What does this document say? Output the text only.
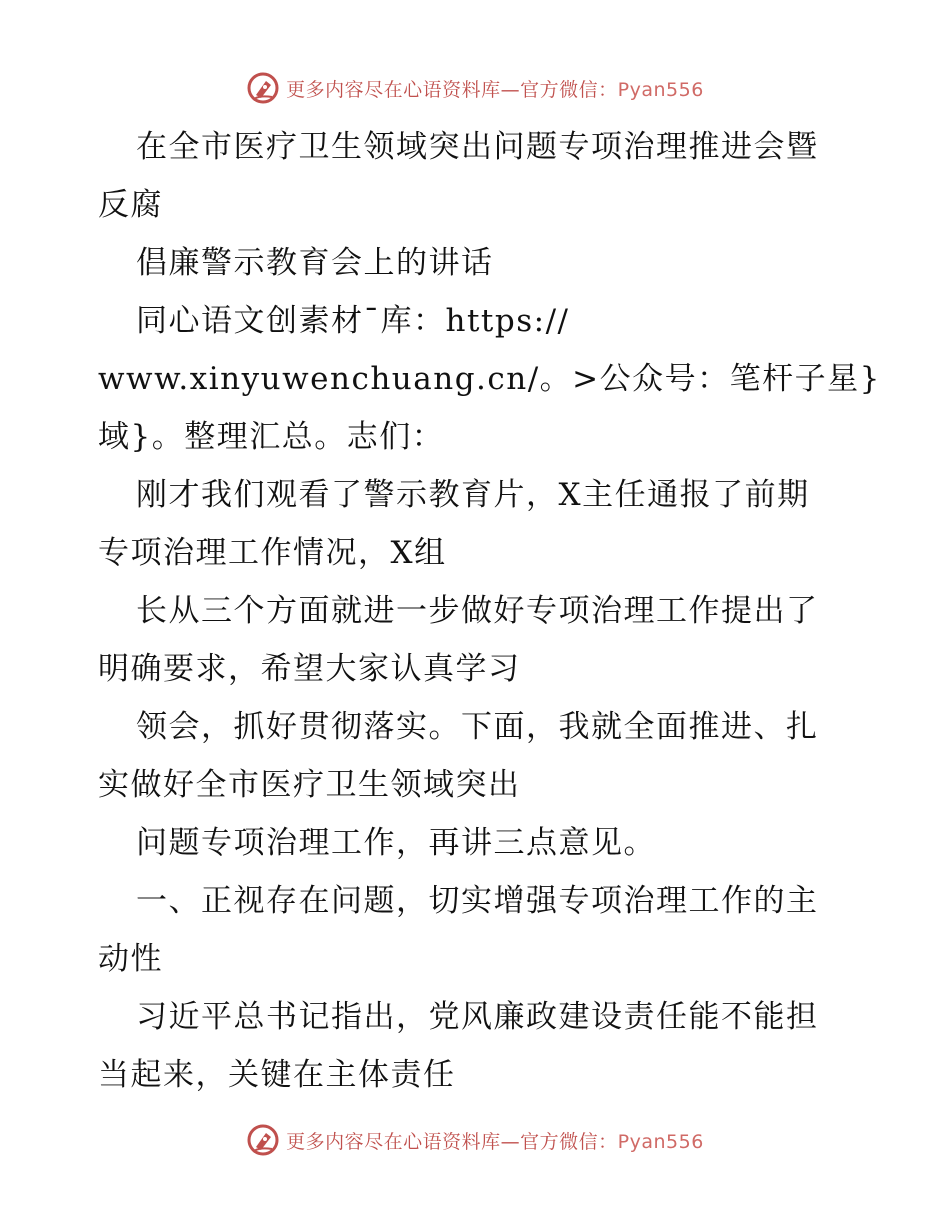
更多内容尽在心语资料库—官方微信：Pyan556
在全市医疗卫生领域突出问题专项治理推进会暨
反腐
倡廉警示教育会上的讲话
同心语文创素材¯库：https://
www.xinyuwenchuang.cn/。>公众号：笔杆子星}
域}。整理汇总。志们：
刚才我们观看了警示教育片，X主任通报了前期
专项治理工作情况，X组
长从三个方面就进一步做好专项治理工作提出了
明确要求，希望大家认真学习
领会，抓好贯彻落实。下面，我就全面推进、扎
实做好全市医疗卫生领域突出
问题专项治理工作，再讲三点意见。
一、正视存在问题，切实增强专项治理工作的主
动性
习近平总书记指出，党风廉政建设责任能不能担
当起来，关键在主体责任
更多内容尽在心语资料库—官方微信：Pyan556
